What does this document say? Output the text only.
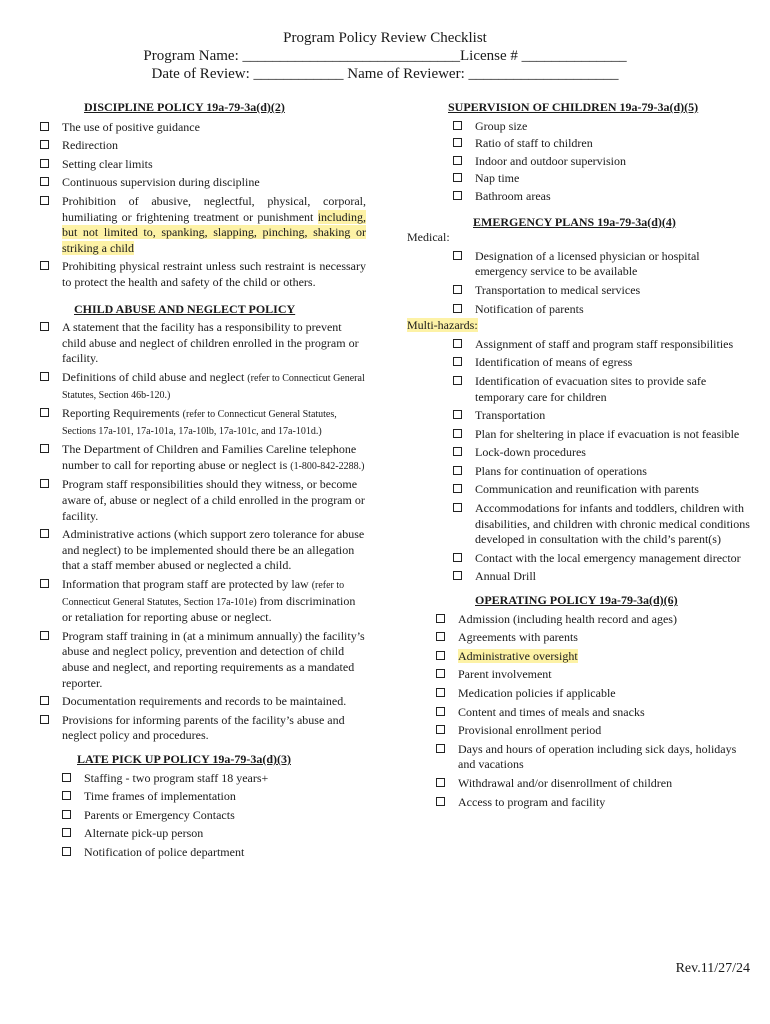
Program Policy Review Checklist

Program Name: _____________________________License # ______________

Date of Review: ____________ Name of Reviewer: ____________________

DISCIPLINE POLICY 19a-79-3a(d)(2)

The use of positive guidance
Redirection
Setting clear limits
Continuous supervision during discipline
Prohibition of abusive, neglectful, physical, corporal, humiliating or frightening treatment or punishment including, but not limited to, spanking, slapping, pinching, shaking or striking a child
Prohibiting physical restraint unless such restraint is necessary to protect the health and safety of the child or others.

CHILD ABUSE AND NEGLECT POLICY

A statement that the facility has a responsibility to prevent child abuse and neglect of children enrolled in the program or facility.
Definitions of child abuse and neglect (refer to Connecticut General Statutes, Section 46b-120.)
Reporting Requirements (refer to Connecticut General Statutes, Sections 17a-101, 17a-101a, 17a-10lb, 17a-101c, and 17a-101d.)
The Department of Children and Families Careline telephone number to call for reporting abuse or neglect is (1-800-842-2288.)
Program staff responsibilities should they witness, or become aware of, abuse or neglect of a child enrolled in the program or facility.
Administrative actions (which support zero tolerance for abuse and neglect) to be implemented should there be an allegation that a staff member abused or neglected a child.
Information that program staff are protected by law (refer to Connecticut General Statutes, Section 17a-101e) from discrimination or retaliation for reporting abuse or neglect.
Program staff training in (at a minimum annually) the facility’s abuse and neglect policy, prevention and detection of child abuse and neglect, and reporting requirements as a mandated reporter.
Documentation requirements and records to be maintained.
Provisions for informing parents of the facility’s abuse and neglect policy and procedures.

LATE PICK UP POLICY 19a-79-3a(d)(3)

Staffing - two program staff 18 years+
Time frames of implementation
Parents or Emergency Contacts
Alternate pick-up person
Notification of police department

SUPERVISION OF CHILDREN 19a-79-3a(d)(5)

Group size
Ratio of staff to children
Indoor and outdoor supervision
Nap time
Bathroom areas

EMERGENCY PLANS 19a-79-3a(d)(4)

Medical:

Designation of a licensed physician or hospital emergency service to be available
Transportation to medical services
Notification of parents

Multi-hazards:

Assignment of staff and program staff responsibilities
Identification of means of egress
Identification of evacuation sites to provide safe temporary care for children
Transportation
Plan for sheltering in place if evacuation is not feasible
Lock-down procedures
Plans for continuation of operations
Communication and reunification with parents
Accommodations for infants and toddlers, children with disabilities, and children with chronic medical conditions developed in consultation with the child’s parent(s)
Contact with the local emergency management director
Annual Drill

OPERATING POLICY 19a-79-3a(d)(6)

Admission (including health record and ages)
Agreements with parents
Administrative oversight
Parent involvement
Medication policies if applicable
Content and times of meals and snacks
Provisional enrollment period
Days and hours of operation including sick days, holidays and vacations
Withdrawal and/or disenrollment of children
Access to program and facility
Rev.11/27/24
